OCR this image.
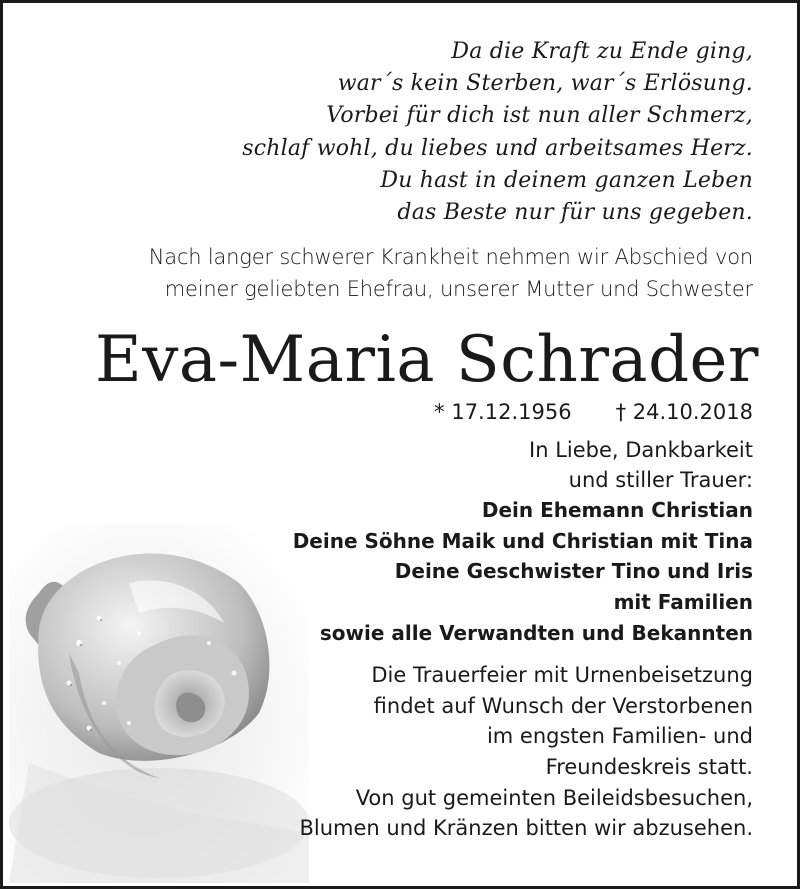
Da die Kraft zu Ende ging,
war´s kein Sterben, war´s Erlösung.
Vorbei für dich ist nun aller Schmerz,
schlaf wohl, du liebes und arbeitsames Herz.
Du hast in deinem ganzen Leben
das Beste nur für uns gegeben.
Nach langer schwerer Krankheit nehmen wir Abschied von
meiner geliebten Ehefrau, unserer Mutter und Schwester
Eva-Maria Schrader
* 17.12.1956 † 24.10.2018
In Liebe, Dankbarkeit
und stiller Trauer:
Dein Ehemann Christian
Deine Söhne Maik und Christian mit Tina
Deine Geschwister Tino und Iris
mit Familien
sowie alle Verwandten und Bekannten
Die Trauerfeier mit Urnenbeisetzung
findet auf Wunsch der Verstorbenen
im engsten Familien- und
Freundeskreis statt.
Von gut gemeinten Beileidsbesuchen,
Blumen und Kränzen bitten wir abzusehen.
